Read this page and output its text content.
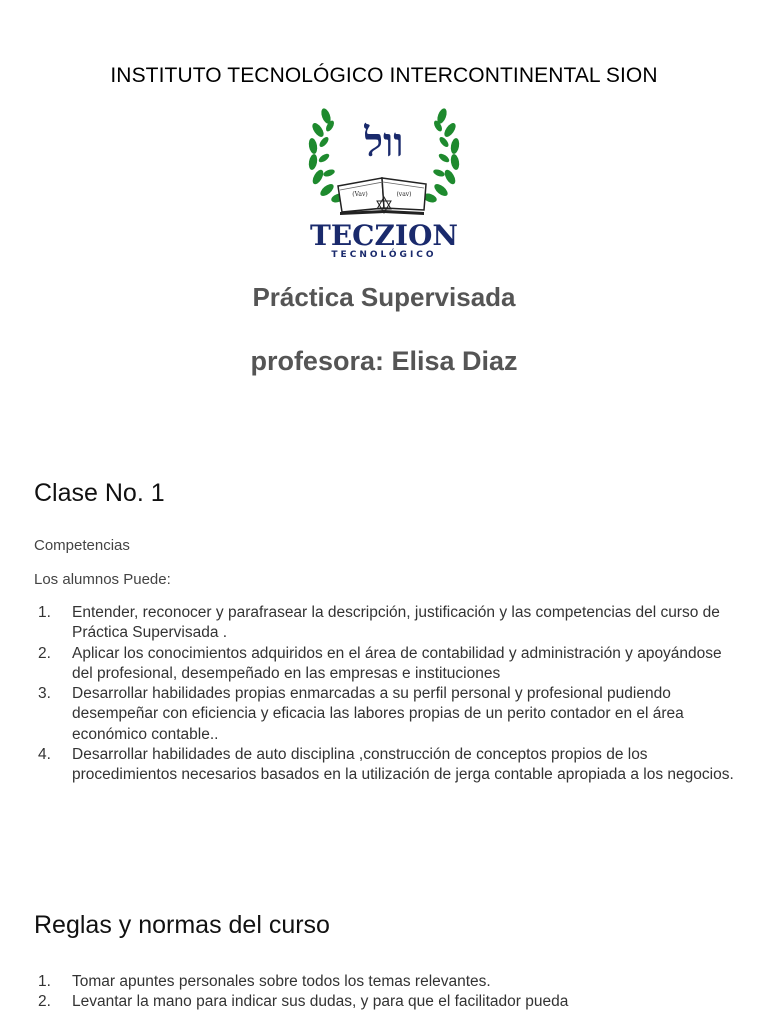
INSTITUTO TECNOLÓGICO INTERCONTINENTAL SION
וול
(Vav)	(vav)
TECZION
TECNOLÓGICO
Práctica Supervisada
profesora: Elisa Diaz
Clase No. 1
Competencias
Los alumnos Puede:
1. Entender, reconocer y parafrasear la descripción, justificación y las competencias del curso de Práctica Supervisada .
2. Aplicar los conocimientos adquiridos en el área de contabilidad y administración y apoyándose del profesional, desempeñado en las empresas e instituciones
3. Desarrollar habilidades propias enmarcadas a su perfil personal y profesional pudiendo desempeñar con eficiencia y eficacia las labores propias de un perito contador en el área económico contable..
4. Desarrollar habilidades de auto disciplina ,construcción de conceptos propios de los procedimientos necesarios basados en la utilización de jerga contable apropiada a los negocios.
Reglas y normas del curso
1. Tomar apuntes personales sobre todos los temas relevantes.
2. Levantar la mano para indicar sus dudas, y para que el facilitador pueda
